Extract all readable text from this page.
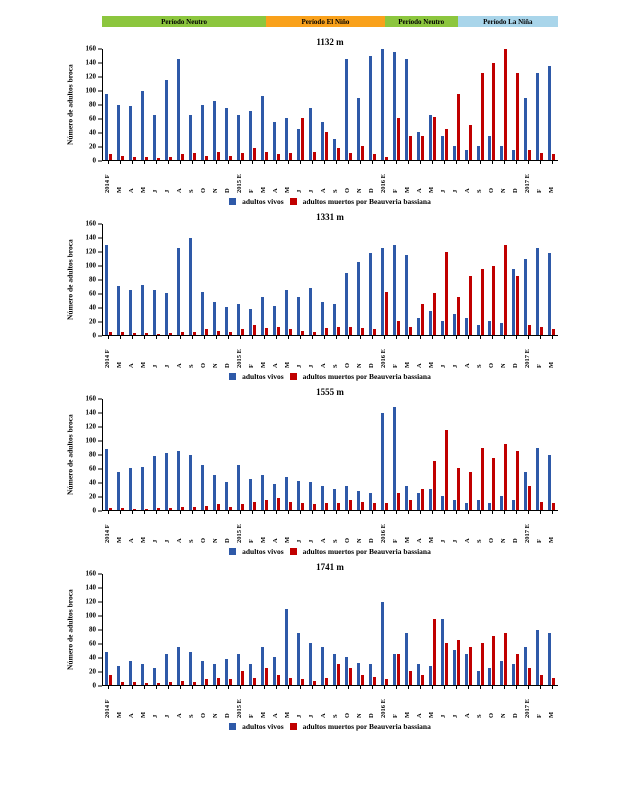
Período Neutro	Período El Niño	Período Neutro	Período La Niña
1132 m
Número de adultos broca
0
20
40
60
80
100
120
140
160
2014 F M A M J J A S O N D 2015 E F M A M J J A S O N D 2016 E F M A M J J A S O N D 2017 E F M
adultos vivos	adultos muertos por Beauveria bassiana
1331 m
Número de adultos broca
0
20
40
60
80
100
120
140
160
2014 F M A M J J A S O N D 2015 E F M A M J J A S O N D 2016 E F M A M J J A S O N D 2017 E F M
adultos vivos	adultos muertos por Beauveria bassiana
1555 m
Número de adultos broca
0
20
40
60
80
100
120
140
160
2014 F M A M J J A S O N D 2015 E F M A M J J A S O N D 2016 E F M A M J J A S O N D 2017 E F M
adultos vivos	adultos muertos por Beauveria bassiana
1741 m
Número de adultos broca
0
20
40
60
80
100
120
140
160
2014 F M A M J J A S O N D 2015 E F M A M J J A S O N D 2016 E F M A M J J A S O N D 2017 E F M
adultos vivos	adultos muertos por Beauveria bassiana
